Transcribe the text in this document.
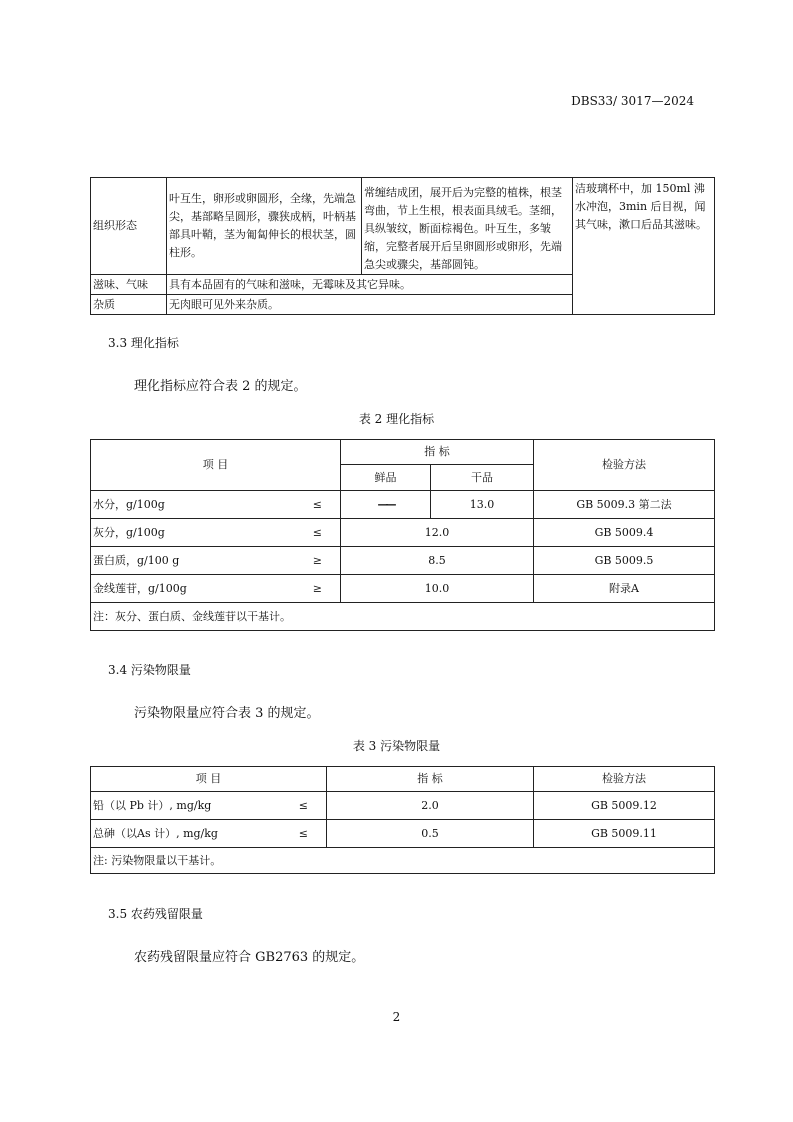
DBS33/ 3017—2024
组织形态	叶互生，卵形或卵圆形，全缘，先端急尖，基部略呈圆形，骤狭成柄，叶柄基部具叶鞘，茎为匍匐伸长的根状茎，圆柱形。	常缠结成团，展开后为完整的植株，根茎弯曲，节上生根，根表面具绒毛。茎细，具纵皱纹，断面棕褐色。叶互生，多皱缩，完整者展开后呈卵圆形或卵形，先端急尖或骤尖，基部圆钝。	洁玻璃杯中，加 150ml 沸水冲泡，3min 后目视，闻其气味，漱口后品其滋味。
滋味、气味	具有本品固有的气味和滋味，无霉味及其它异味。		
杂质	无肉眼可见外来杂质。		
3.3 理化指标
理化指标应符合表 2 的规定。
表 2 理化指标
项 目	指 标		检验方法
	鲜品	干品	
水分，g/100g ≤	——	13.0	GB 5009.3 第二法
灰分，g/100g ≤	12.0		GB 5009.4
蛋白质，g/100 g ≥	8.5		GB 5009.5
金线莲苷，g/100g ≥	10.0		附录A
注：灰分、蛋白质、金线莲苷以干基计。			
3.4 污染物限量
污染物限量应符合表 3 的规定。
表 3 污染物限量
项 目	指 标	检验方法
铅（以 Pb 计）, mg/kg ≤	2.0	GB 5009.12
总砷（以As 计）, mg/kg ≤	0.5	GB 5009.11
注: 污染物限量以干基计。		
3.5 农药残留限量
农药残留限量应符合 GB2763 的规定。
2
